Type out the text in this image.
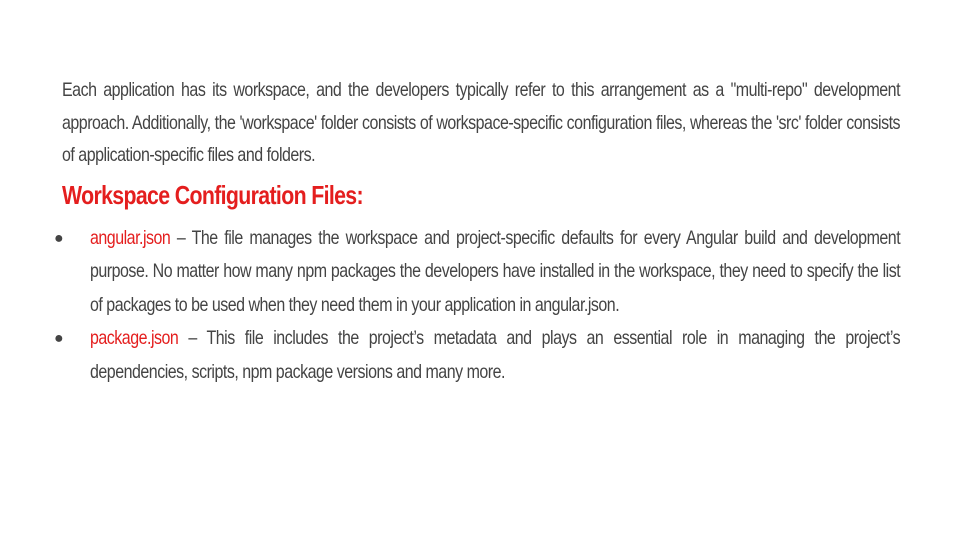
Each application has its workspace, and the developers typically refer to this arrangement as a "multi-repo" development approach. Additionally, the 'workspace' folder consists of workspace-specific configuration files, whereas the 'src' folder consists of application-specific files and folders.

Workspace Configuration Files:
● angular.json – The file manages the workspace and project-specific defaults for every Angular build and development purpose. No matter how many npm packages the developers have installed in the workspace, they need to specify the list of packages to be used when they need them in your application in angular.json.

● package.json – This file includes the project’s metadata and plays an essential role in managing the project’s dependencies, scripts, npm package versions and many more.
